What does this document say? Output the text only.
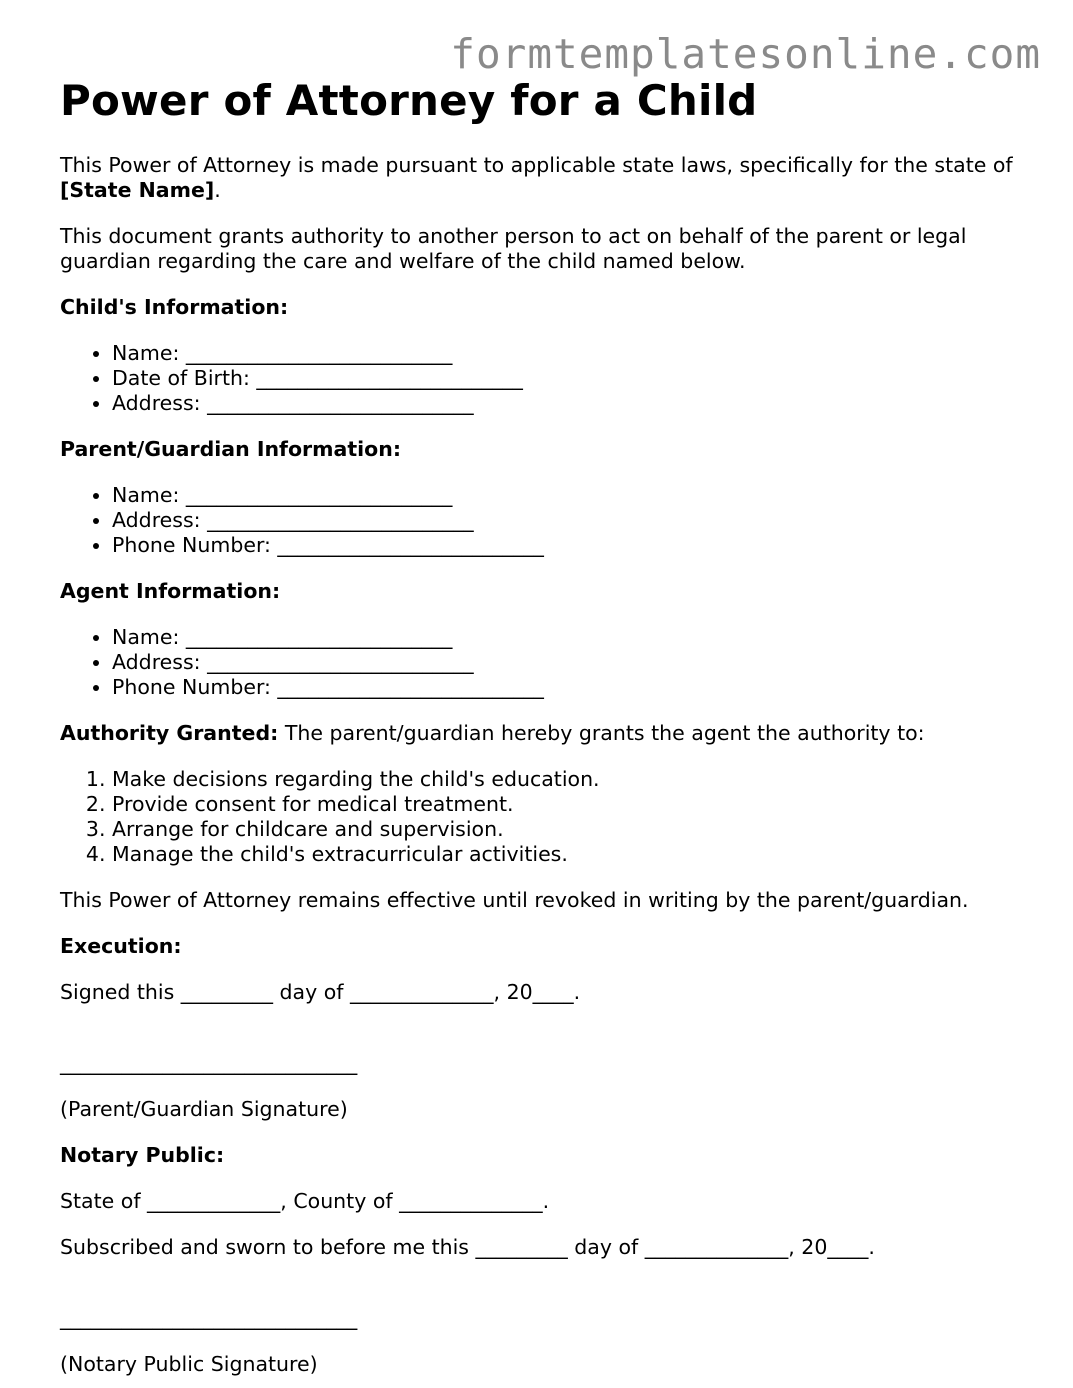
formtemplatesonline.com
Power of Attorney for a Child

This Power of Attorney is made pursuant to applicable state laws, specifically for the state of [State Name].

This document grants authority to another person to act on behalf of the parent or legal guardian regarding the care and welfare of the child named below.

Child's Information:

• Name: __________________________
• Date of Birth: __________________________
• Address: __________________________

Parent/Guardian Information:

• Name: __________________________
• Address: __________________________
• Phone Number: __________________________

Agent Information:

• Name: __________________________
• Address: __________________________
• Phone Number: __________________________

Authority Granted: The parent/guardian hereby grants the agent the authority to:

1. Make decisions regarding the child's education.
2. Provide consent for medical treatment.
3. Arrange for childcare and supervision.
4. Manage the child's extracurricular activities.

This Power of Attorney remains effective until revoked in writing by the parent/guardian.

Execution:

Signed this _________ day of ______________, 20____.

_____________________________

(Parent/Guardian Signature)

Notary Public:

State of _____________, County of ______________.

Subscribed and sworn to before me this _________ day of ______________, 20____.

_____________________________

(Notary Public Signature)
